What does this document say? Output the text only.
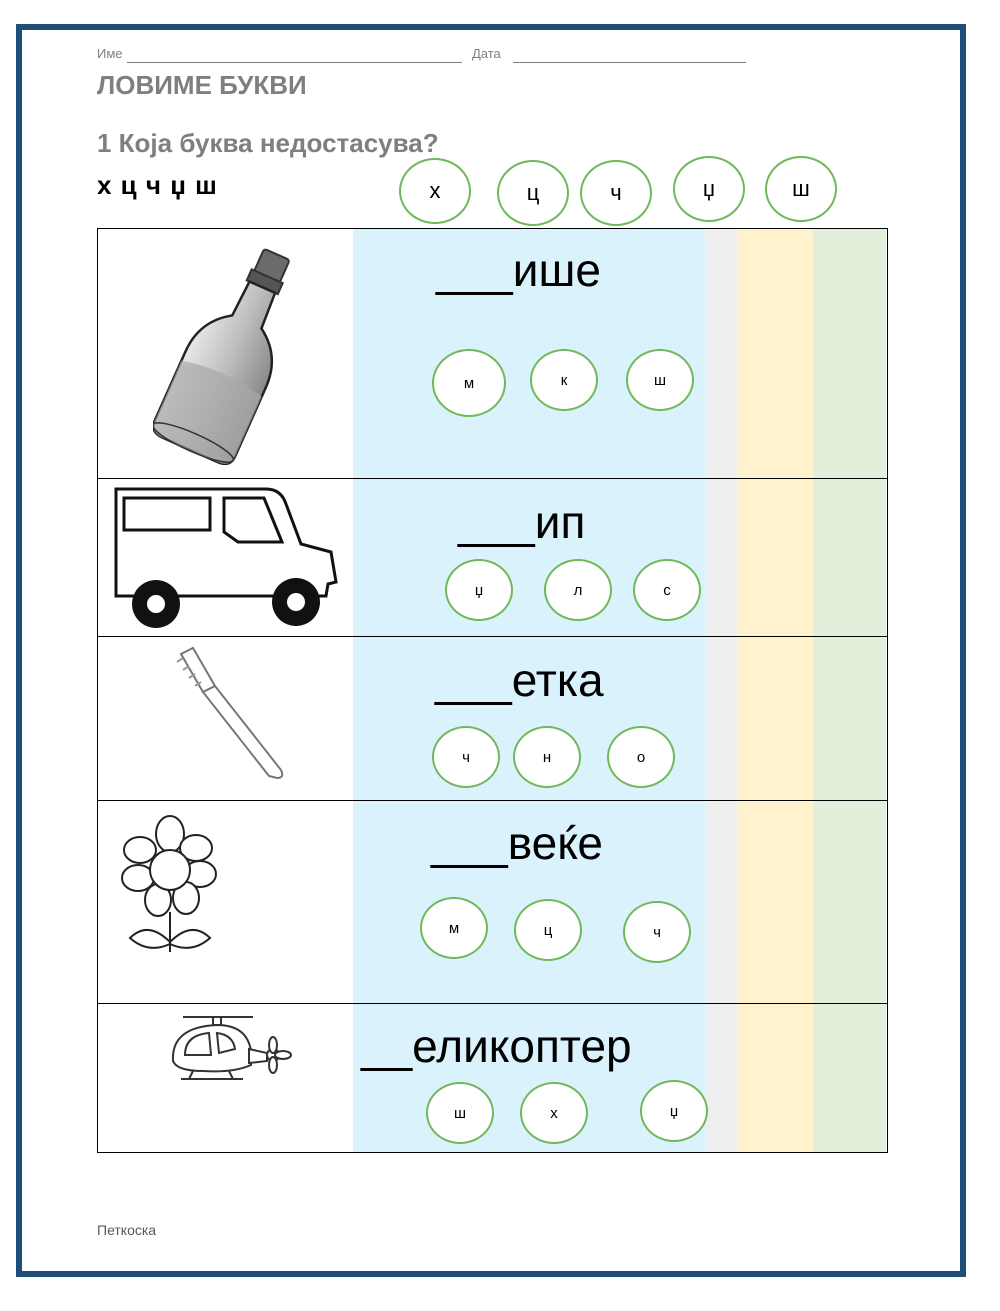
Име	Дата
ЛОВИМЕ БУКВИ
1 Која буква недостасува?
х ц ч џ ш	х	ц	ч	џ	ш
___ише
м	к	ш
___ип
џ	л	с
___етка
ч	н	о
___веќе
м	ц	ч
__еликоптер
ш	х	џ
Петкоска
